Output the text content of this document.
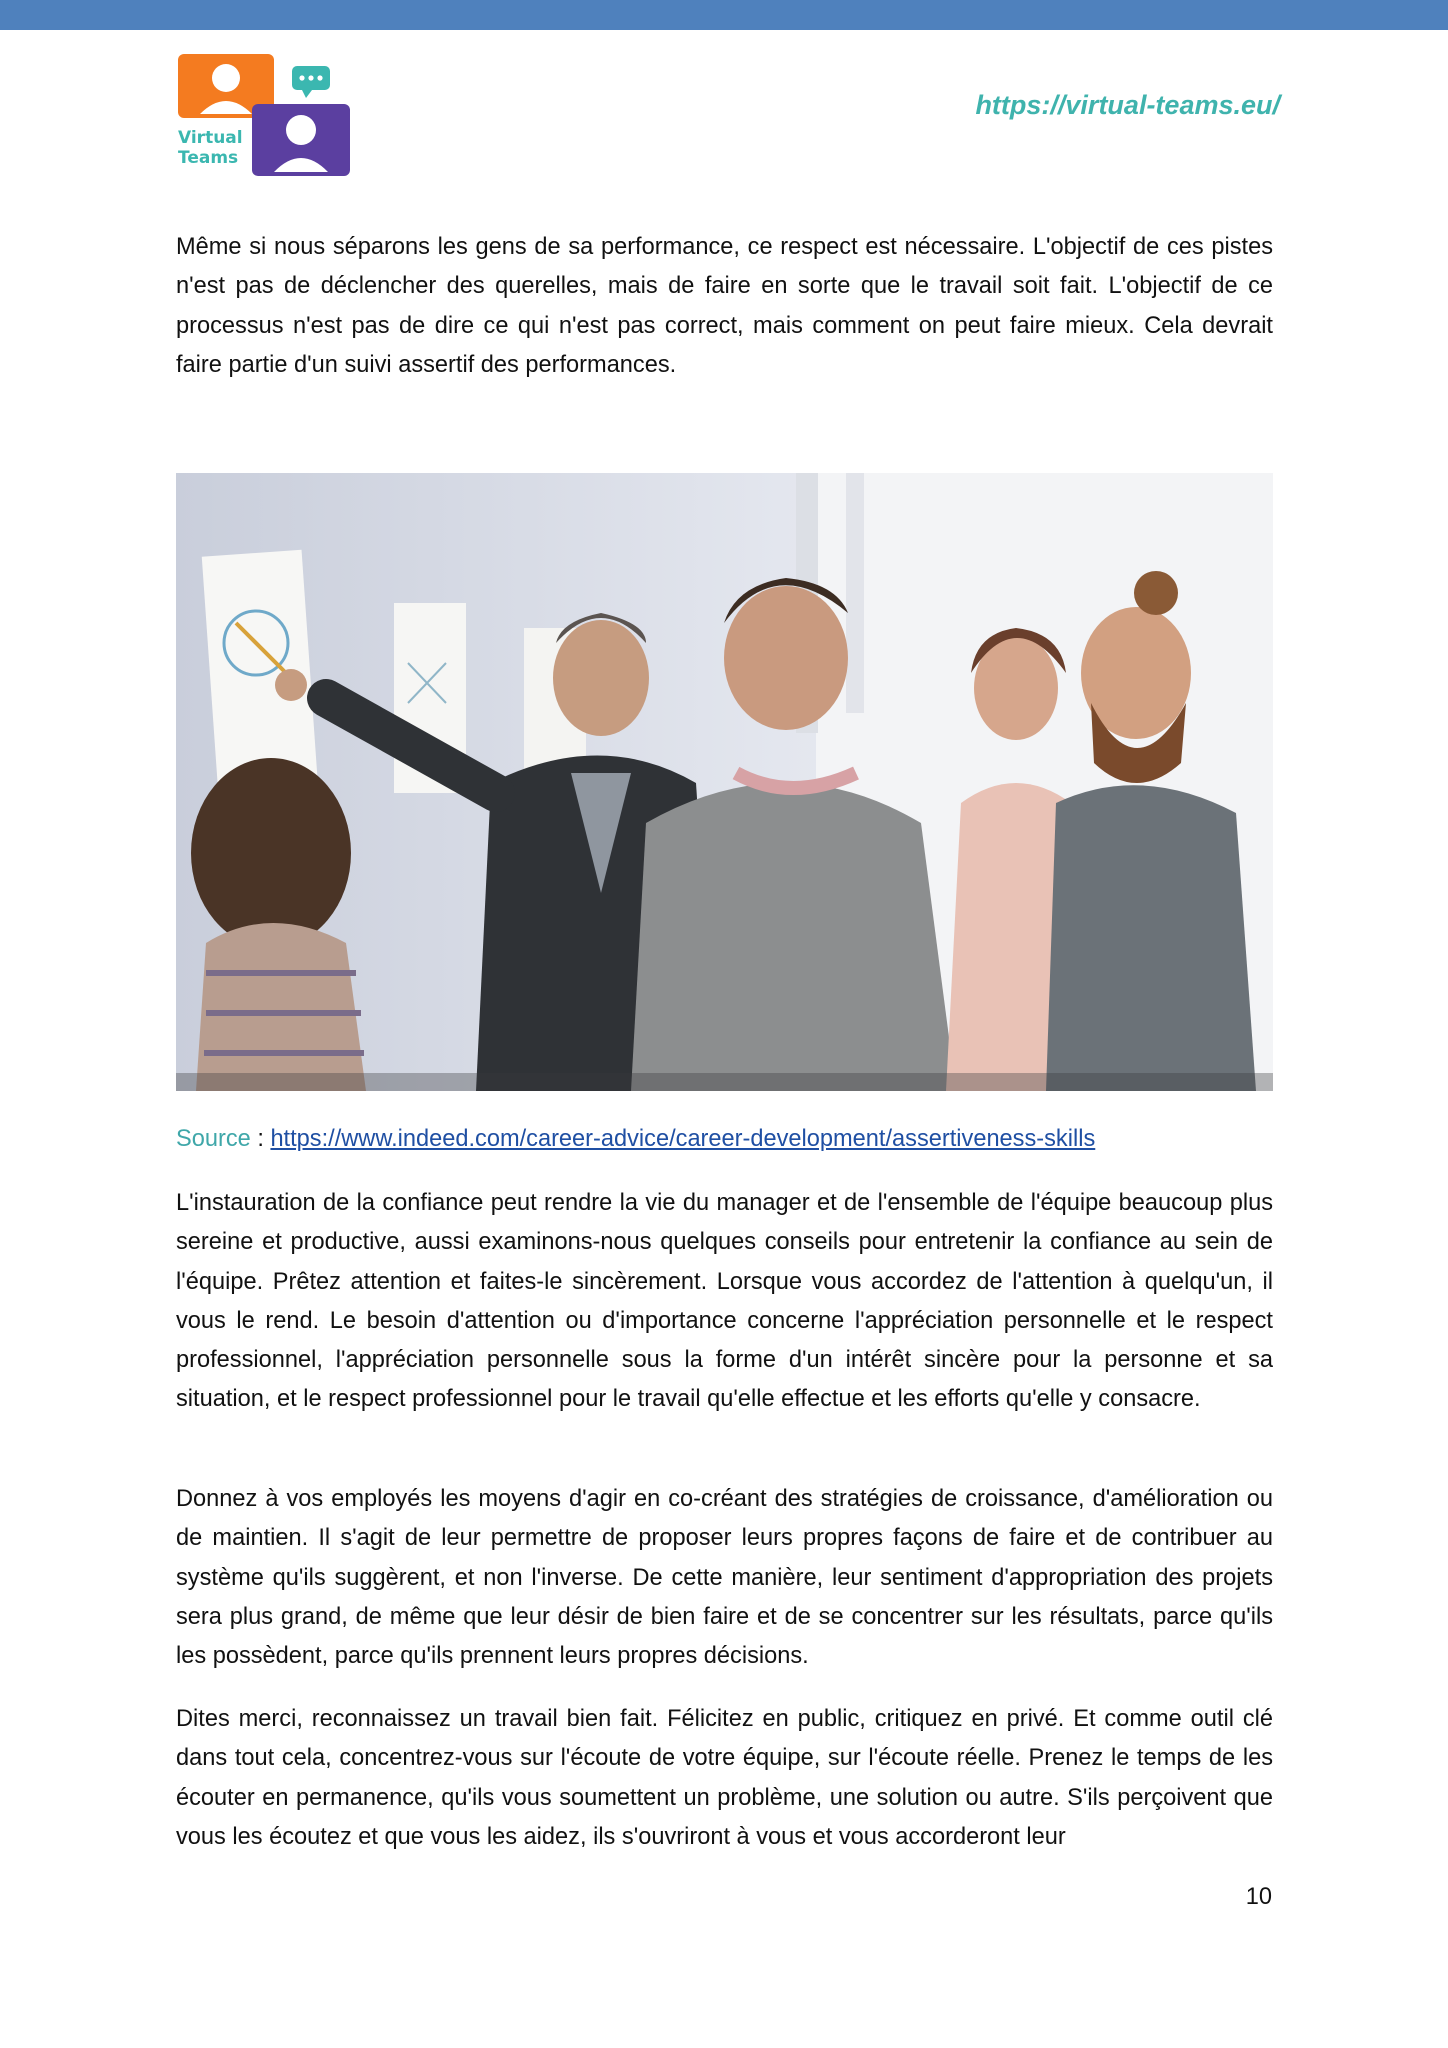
Virtual
Teams
https://virtual-teams.eu/

Même si nous séparons les gens de sa performance, ce respect est nécessaire. L'objectif de ces pistes n'est pas de déclencher des querelles, mais de faire en sorte que le travail soit fait. L'objectif de ce processus n'est pas de dire ce qui n'est pas correct, mais comment on peut faire mieux. Cela devrait faire partie d'un suivi assertif des performances.

Source : https://www.indeed.com/career-advice/career-development/assertiveness-skills

L'instauration de la confiance peut rendre la vie du manager et de l'ensemble de l'équipe beaucoup plus sereine et productive, aussi examinons-nous quelques conseils pour entretenir la confiance au sein de l'équipe. Prêtez attention et faites-le sincèrement. Lorsque vous accordez de l'attention à quelqu'un, il vous le rend. Le besoin d'attention ou d'importance concerne l'appréciation personnelle et le respect professionnel, l'appréciation personnelle sous la forme d'un intérêt sincère pour la personne et sa situation, et le respect professionnel pour le travail qu'elle effectue et les efforts qu'elle y consacre.

Donnez à vos employés les moyens d'agir en co-créant des stratégies de croissance, d'amélioration ou de maintien. Il s'agit de leur permettre de proposer leurs propres façons de faire et de contribuer au système qu'ils suggèrent, et non l'inverse. De cette manière, leur sentiment d'appropriation des projets sera plus grand, de même que leur désir de bien faire et de se concentrer sur les résultats, parce qu'ils les possèdent, parce qu'ils prennent leurs propres décisions.

Dites merci, reconnaissez un travail bien fait. Félicitez en public, critiquez en privé. Et comme outil clé dans tout cela, concentrez-vous sur l'écoute de votre équipe, sur l'écoute réelle. Prenez le temps de les écouter en permanence, qu'ils vous soumettent un problème, une solution ou autre. S'ils perçoivent que vous les écoutez et que vous les aidez, ils s'ouvriront à vous et vous accorderont leur

10
